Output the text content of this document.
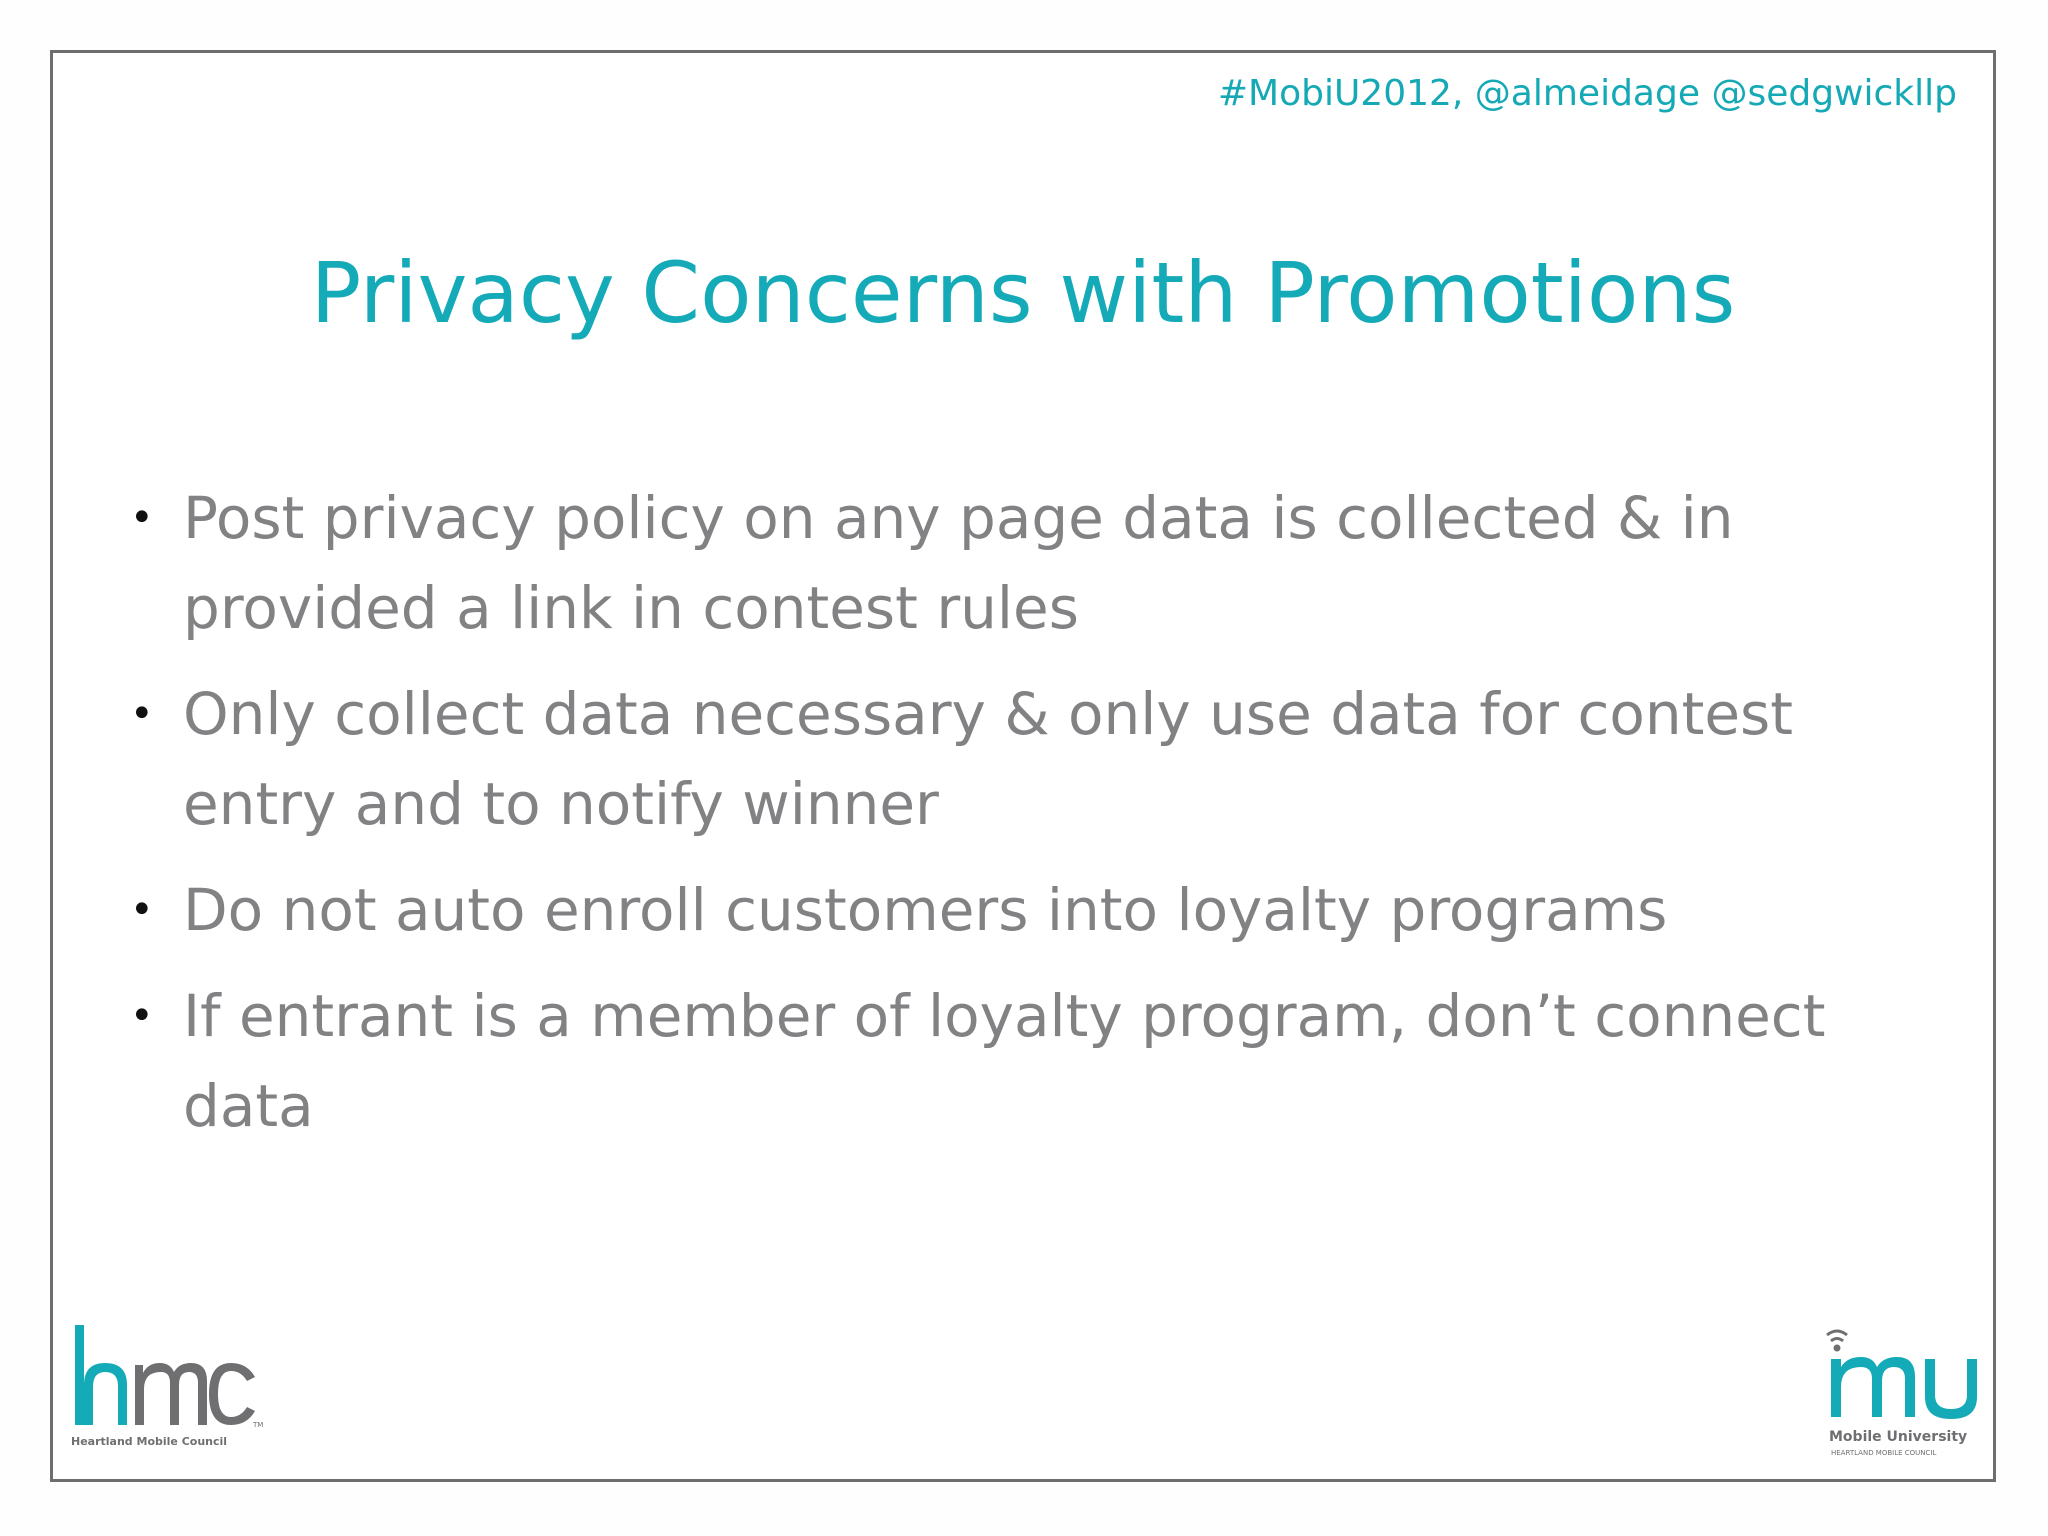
#MobiU2012, @almeidage @sedgwickllp
Privacy Concerns with Promotions
• Post privacy policy on any page data is collected & in provided a link in contest rules
• Only collect data necessary & only use data for contest entry and to notify winner
• Do not auto enroll customers into loyalty programs
• If entrant is a member of loyalty program, don’t connect data
TM
Heartland Mobile Council	Mobile University
HEARTLAND MOBILE COUNCIL
